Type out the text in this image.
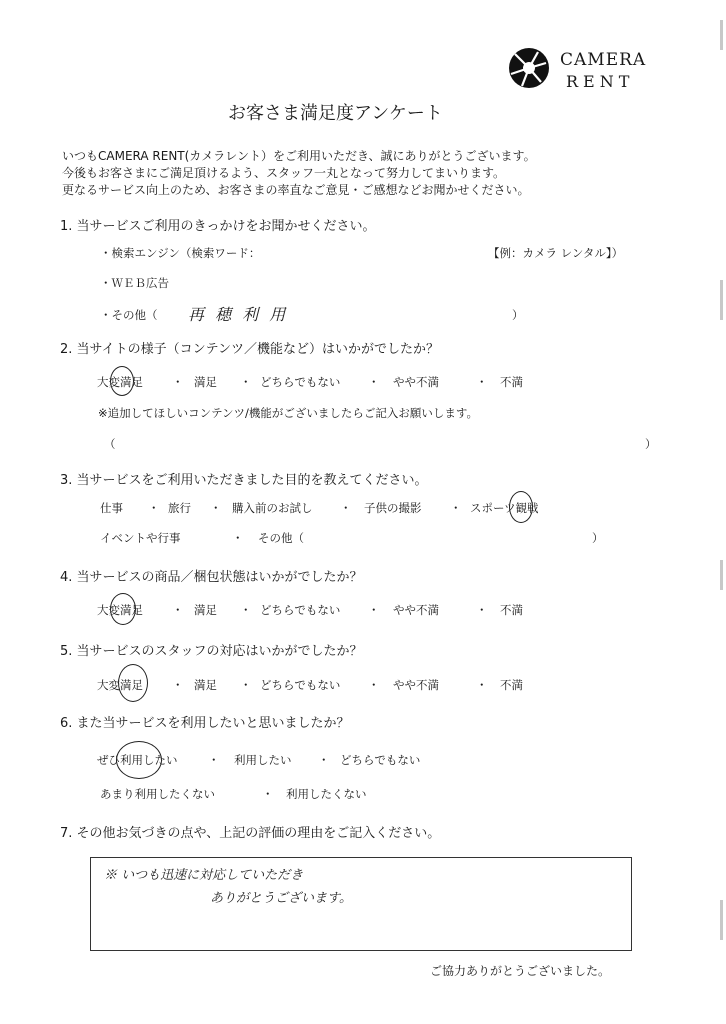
CAMERA
RENT
お客さま満足度アンケート
いつもCAMERA RENT(カメラレント）をご利用いただき、誠にありがとうございます。
今後もお客さまにご満足頂けるよう、スタッフ一丸となって努力してまいります。
更なるサービス向上のため、お客さまの率直なご意見・ご感想などお聞かせください。
1. 当サービスご利用のきっかけをお聞かせください。
・検索エンジン（検索ワード：	【例：カメラ レンタル】）
・ＷＥＢ広告
・その他（ 再 穂 利 用	）
2. 当サイトの様子（コンテンツ／機能など）はいかがでしたか？
大変満足	・ 満足 ・ どちらでもない ・ やや不満	・ 不満
※追加してほしいコンテンツ/機能がございましたらご記入お願いします。
（	）
3. 当サービスをご利用いただきました目的を教えてください。
仕事 ・ 旅行 ・ 購入前のお試し ・ 子供の撮影 ・ スポーツ観戦
イベントや行事	・ その他（	）
4. 当サービスの商品／梱包状態はいかがでしたか？
大変満足	・ 満足 ・ どちらでもない ・ やや不満	・ 不満
5. 当サービスのスタッフの対応はいかがでしたか？
大変満足	・ 満足 ・ どちらでもない ・ やや不満	・ 不満
6. また当サービスを利用したいと思いましたか？
ぜひ利用したい	・ 利用したい ・ どちらでもない
あまり利用したくない	・ 利用したくない
7. その他お気づきの点や、上記の評価の理由をご記入ください。
※ いつも迅速に対応していただき
ありがとうございます。
ご協力ありがとうございました。
